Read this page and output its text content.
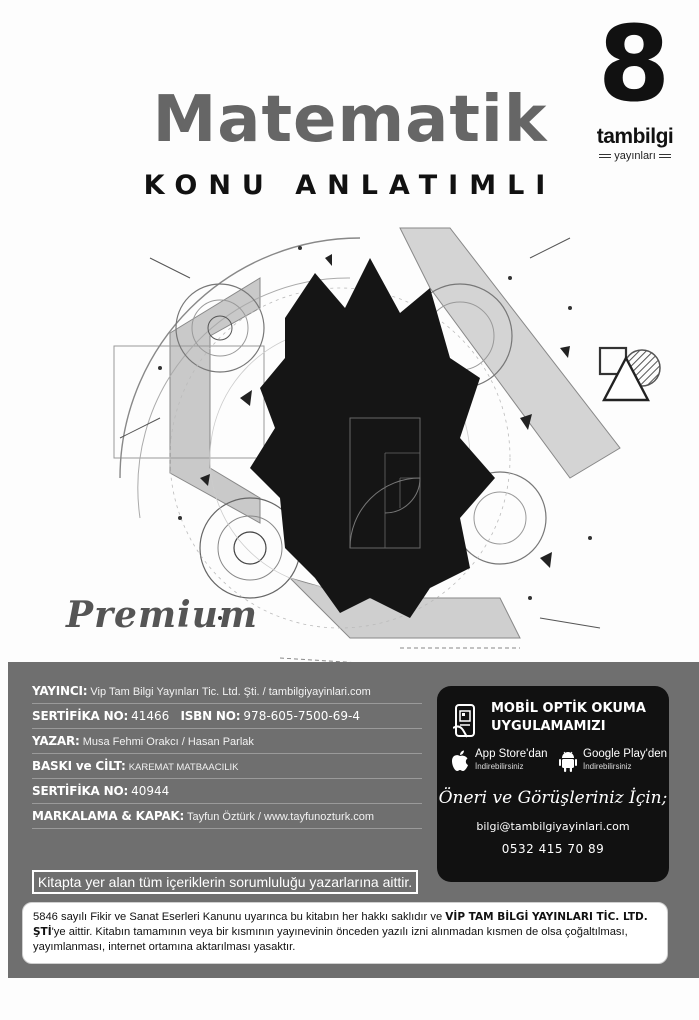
8
tambilgi
yayınları
Matematik
KONU ANLATIMLI
Premium
YAYINCI: Vip Tam Bilgi Yayınları Tic. Ltd. Şti. / tambilgiyayinlari.com
SERTİFİKA NO: 41466 ISBN NO: 978-605-7500-69-4
YAZAR: Musa Fehmi Orakcı / Hasan Parlak
BASKI ve CİLT: KAREMAT MATBAACILIK
SERTİFİKA NO: 40944
MARKALAMA & KAPAK: Tayfun Öztürk / www.tayfunozturk.com
Kitapta yer alan tüm içeriklerin sorumluluğu yazarlarına aittir.
MOBİL OPTİK OKUMA
UYGULAMAMIZI
App Store'dan
İndirebilirsiniz
Google Play'den
İndirebilirsiniz
Öneri ve Görüşleriniz İçin;
bilgi@tambilgiyayinlari.com
0532 415 70 89
5846 sayılı Fikir ve Sanat Eserleri Kanunu uyarınca bu kitabın her hakkı saklıdır ve VİP TAM BİLGİ YAYINLARI TİC. LTD. ŞTİ'ye aittir. Kitabın tamamının veya bir kısmının yayınevinin önceden yazılı izni alınmadan kısmen de olsa çoğaltılması, yayımlanması, internet ortamına aktarılması yasaktır.
